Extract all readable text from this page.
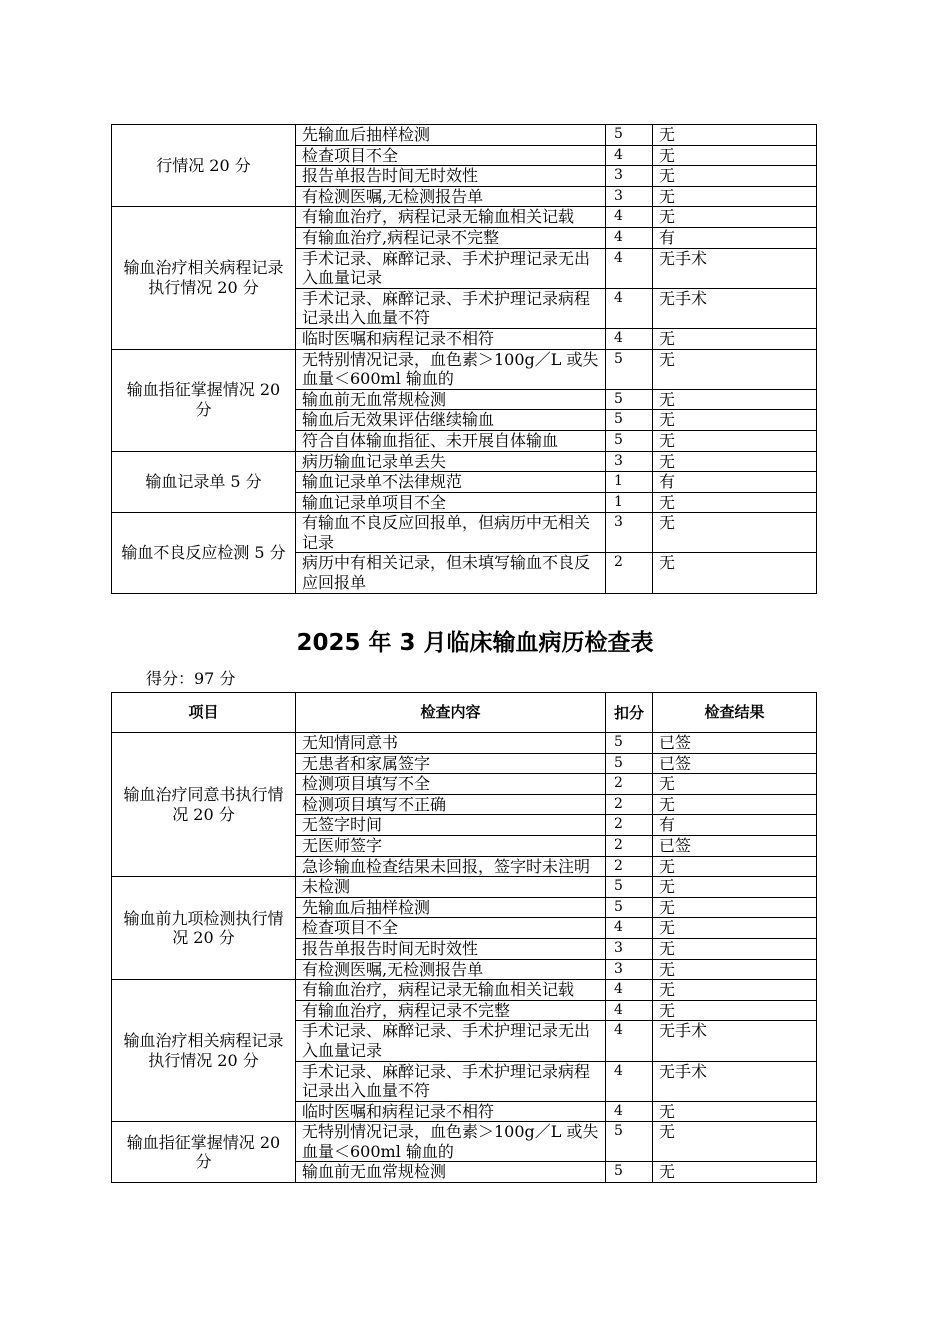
行情况 20 分	先输血后抽样检测	5	无
	检查项目不全	4	无
	报告单报告时间无时效性	3	无
	有检测医嘱,无检测报告单	3	无
输血治疗相关病程记录执行情况 20 分	有输血治疗，病程记录无输血相关记载	4	无
	有输血治疗,病程记录不完整	4	有
	手术记录、麻醉记录、手术护理记录无出入血量记录	4	无手术
	手术记录、麻醉记录、手术护理记录病程记录出入血量不符	4	无手术
	临时医嘱和病程记录不相符	4	无
输血指征掌握情况 20 分	无特别情况记录，血色素＞100g／L 或失血量＜600ml 输血的	5	无
	输血前无血常规检测	5	无
	输血后无效果评估继续输血	5	无
	符合自体输血指征、未开展自体输血	5	无
输血记录单 5 分	病历输血记录单丢失	3	无
	输血记录单不法律规范	1	有
	输血记录单项目不全	1	无
输血不良反应检测 5 分	有输血不良反应回报单，但病历中无相关记录	3	无
	病历中有相关记录，但未填写输血不良反应回报单	2	无
2025 年 3 月临床输血病历检查表
得分：97 分
项目	检查内容	扣分	检查结果
输血治疗同意书执行情况 20 分	无知情同意书	5	已签
	无患者和家属签字	5	已签
	检测项目填写不全	2	无
	检测项目填写不正确	2	无
	无签字时间	2	有
	无医师签字	2	已签
	急诊输血检查结果未回报，签字时未注明	2	无
输血前九项检测执行情况 20 分	未检测	5	无
	先输血后抽样检测	5	无
	检查项目不全	4	无
	报告单报告时间无时效性	3	无
	有检测医嘱,无检测报告单	3	无
输血治疗相关病程记录执行情况 20 分	有输血治疗，病程记录无输血相关记载	4	无
	有输血治疗，病程记录不完整	4	无
	手术记录、麻醉记录、手术护理记录无出入血量记录	4	无手术
	手术记录、麻醉记录、手术护理记录病程记录出入血量不符	4	无手术
	临时医嘱和病程记录不相符	4	无
输血指征掌握情况 20 分	无特别情况记录，血色素＞100g／L 或失血量＜600ml 输血的	5	无
	输血前无血常规检测	5	无
